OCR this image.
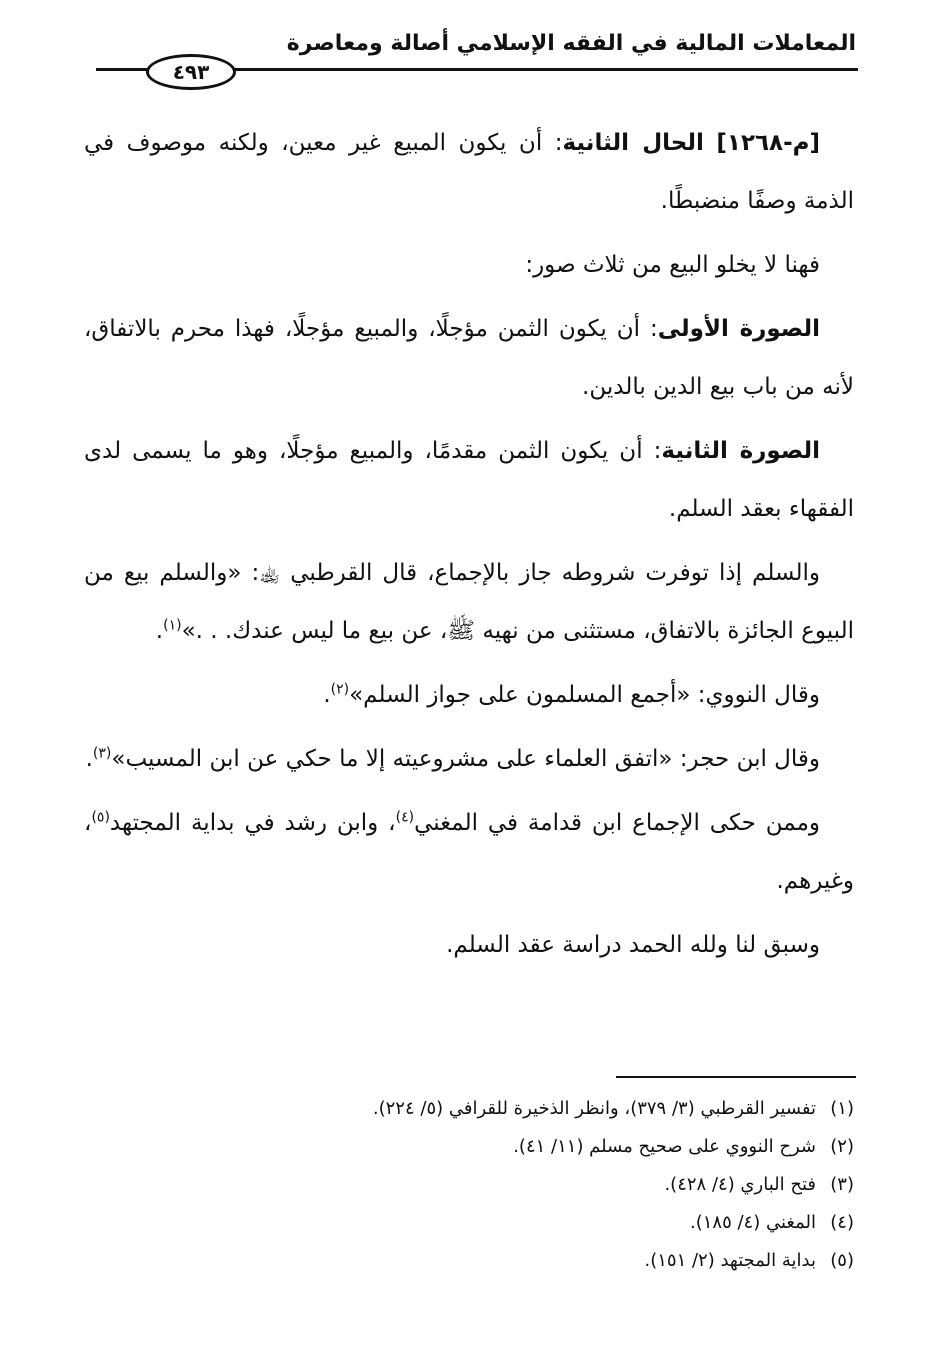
المعاملات المالية في الفقه الإسلامي أصالة ومعاصرة
٤٩٣

[م-١٢٦٨] الحال الثانية: أن يكون المبيع غير معين، ولكنه موصوف في الذمة وصفًا منضبطًا.

فهنا لا يخلو البيع من ثلاث صور:

الصورة الأولى: أن يكون الثمن مؤجلًا، والمبيع مؤجلًا، فهذا محرم بالاتفاق، لأنه من باب بيع الدين بالدين.

الصورة الثانية: أن يكون الثمن مقدمًا، والمبيع مؤجلًا، وهو ما يسمى لدى الفقهاء بعقد السلم.

والسلم إذا توفرت شروطه جاز بالإجماع، قال القرطبي ﵀: «والسلم بيع من البيوع الجائزة بالاتفاق، مستثنى من نهيه ﷺ، عن بيع ما ليس عندك. . .»$^{(١)}$.

وقال النووي: «أجمع المسلمون على جواز السلم»$^{(٢)}$.

وقال ابن حجر: «اتفق العلماء على مشروعيته إلا ما حكي عن ابن المسيب»$^{(٣)}$.

وممن حكى الإجماع ابن قدامة في المغني$^{(٤)}$، وابن رشد في بداية المجتهد$^{(٥)}$، وغيرهم.

وسبق لنا ولله الحمد دراسة عقد السلم.

(١)تفسير القرطبي (٣/ ٣٧٩)، وانظر الذخيرة للقرافي (٥/ ٢٢٤).

(٢)شرح النووي على صحيح مسلم (١١/ ٤١).

(٣)فتح الباري (٤/ ٤٢٨).

(٤)المغني (٤/ ١٨٥).

(٥)بداية المجتهد (٢/ ١٥١).
